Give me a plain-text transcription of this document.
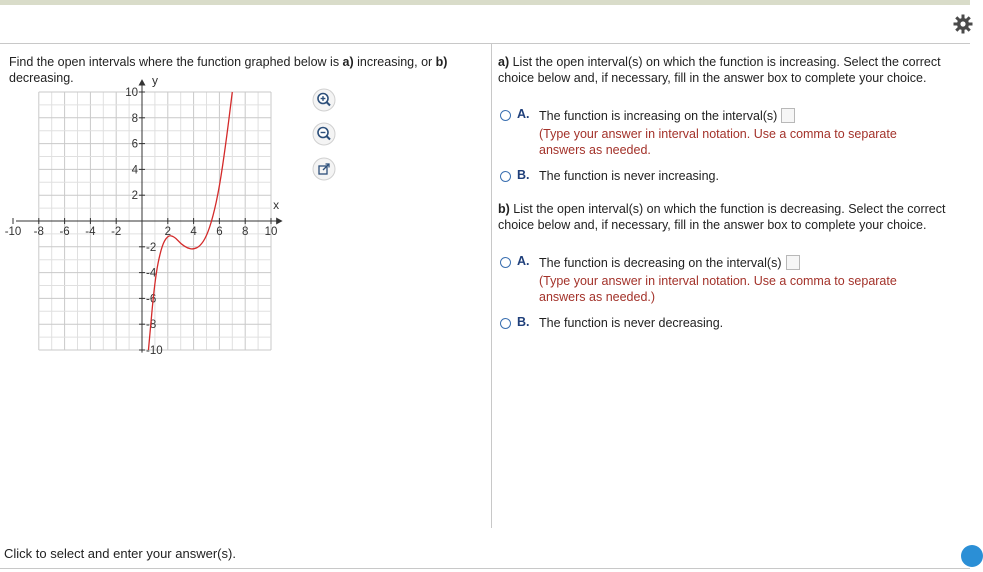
Find the open intervals where the function graphed below is a) increasing, or b) decreasing.
-10 -8 -6 -4 -2	2 4 6 8 10
10
8
6
4
2
-2
-4
-6
-8
-10
x
y
a) List the open interval(s) on which the function is increasing. Select the correct choice below and, if necessary, fill in the answer box to complete your choice.
A. The function is increasing on the interval(s)
(Type your answer in interval notation. Use a comma to separate answers as needed.
B. The function is never increasing.
b) List the open interval(s) on which the function is decreasing. Select the correct choice below and, if necessary, fill in the answer box to complete your choice.
A. The function is decreasing on the interval(s)
(Type your answer in interval notation. Use a comma to separate answers as needed.)
B. The function is never decreasing.
Click to select and enter your answer(s).
